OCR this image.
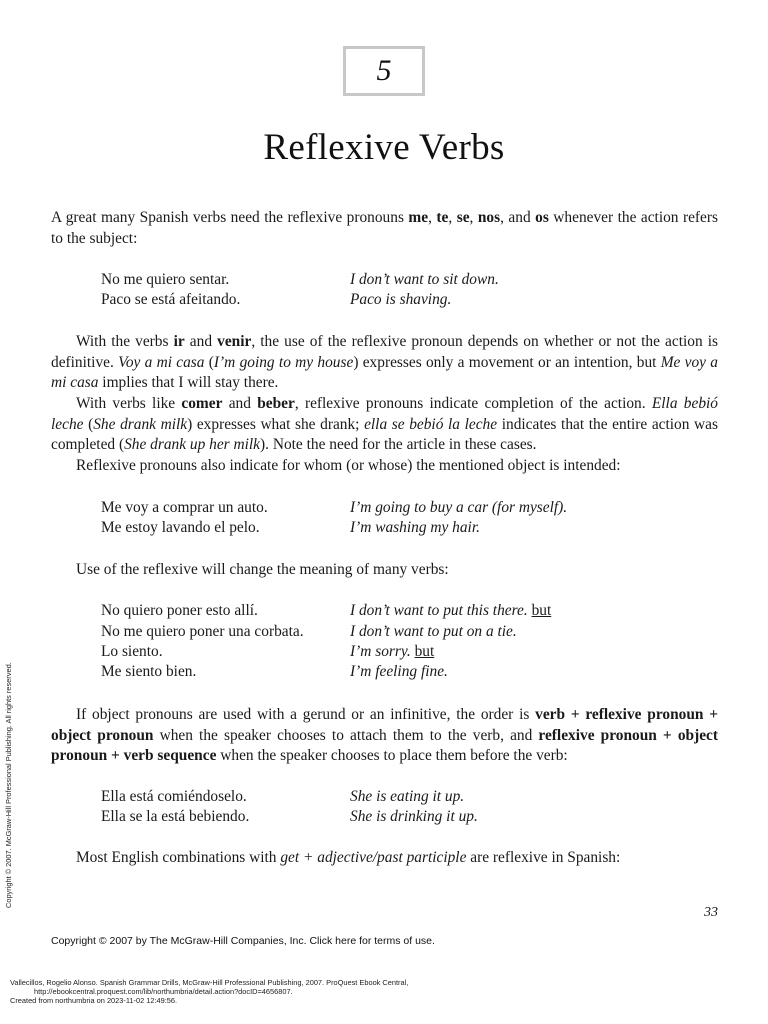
5
Reflexive Verbs

A great many Spanish verbs need the reflexive pronouns me, te, se, nos, and os whenever the action refers to the subject:

No me quiero sentar.	I don’t want to sit down.
Paco se está afeitando.	Paco is shaving.

With the verbs ir and venir, the use of the reflexive pronoun depends on whether or not the action is definitive. Voy a mi casa (I’m going to my house) expresses only a movement or an intention, but Me voy a mi casa implies that I will stay there.

With verbs like comer and beber, reflexive pronouns indicate completion of the action. Ella bebió leche (She drank milk) expresses what she drank; ella se bebió la leche indicates that the entire action was completed (She drank up her milk). Note the need for the article in these cases.

Reflexive pronouns also indicate for whom (or whose) the mentioned object is intended:

Me voy a comprar un auto.	I’m going to buy a car (for myself).
Me estoy lavando el pelo.	I’m washing my hair.

Use of the reflexive will change the meaning of many verbs:

No quiero poner esto allí.	I don’t want to put this there. but
No me quiero poner una corbata.	I don’t want to put on a tie.
Lo siento.	I’m sorry. but
Me siento bien.	I’m feeling fine.

If object pronouns are used with a gerund or an infinitive, the order is verb + reflexive pronoun + object pronoun when the speaker chooses to attach them to the verb, and reflexive pronoun + object pronoun + verb sequence when the speaker chooses to place them before the verb:

Ella está comiéndoselo.	She is eating it up.
Ella se la está bebiendo.	She is drinking it up.

Most English combinations with get + adjective/past participle are reflexive in Spanish:

33
Copyright © 2007 by The McGraw-Hill Companies, Inc. Click here for terms of use.
Copyright © 2007. McGraw-Hill Professional Publishing. All rights reserved.
Vallecillos, Rogelio Alonso. Spanish Grammar Drills, McGraw-Hill Professional Publishing, 2007. ProQuest Ebook Central,
http://ebookcentral.proquest.com/lib/northumbria/detail.action?docID=4656807.
Created from northumbria on 2023-11-02 12:49:56.
